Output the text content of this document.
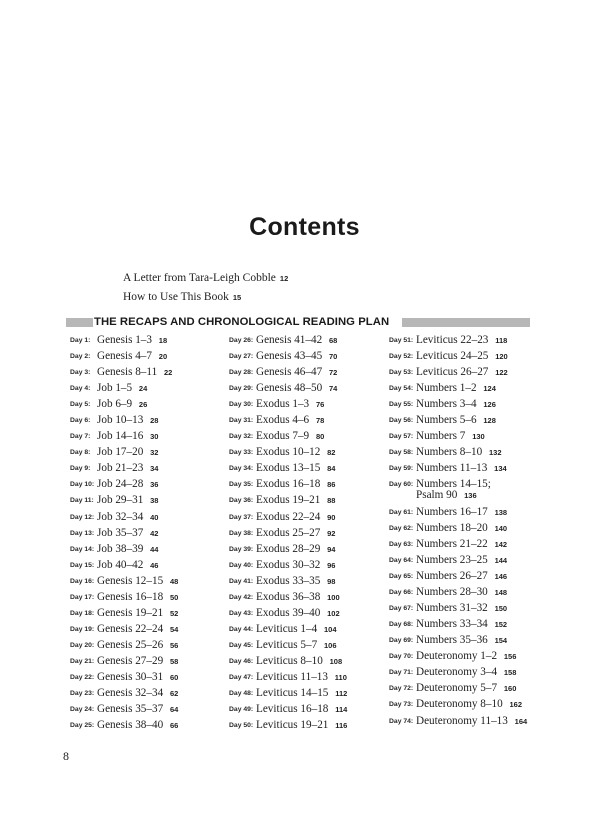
Contents
A Letter from Tara-Leigh Cobble 12
How to Use This Book 15
THE RECAPS AND CHRONOLOGICAL READING PLAN
Day 1: Genesis 1–3 18
Day 2: Genesis 4–7 20
Day 3: Genesis 8–11 22
Day 4: Job 1–5 24
Day 5: Job 6–9 26
Day 6: Job 10–13 28
Day 7: Job 14–16 30
Day 8: Job 17–20 32
Day 9: Job 21–23 34
Day 10: Job 24–28 36
Day 11: Job 29–31 38
Day 12: Job 32–34 40
Day 13: Job 35–37 42
Day 14: Job 38–39 44
Day 15: Job 40–42 46
Day 16: Genesis 12–15 48
Day 17: Genesis 16–18 50
Day 18: Genesis 19–21 52
Day 19: Genesis 22–24 54
Day 20: Genesis 25–26 56
Day 21: Genesis 27–29 58
Day 22: Genesis 30–31 60
Day 23: Genesis 32–34 62
Day 24: Genesis 35–37 64
Day 25: Genesis 38–40 66
Day 26: Genesis 41–42 68
Day 27: Genesis 43–45 70
Day 28: Genesis 46–47 72
Day 29: Genesis 48–50 74
Day 30: Exodus 1–3 76
Day 31: Exodus 4–6 78
Day 32: Exodus 7–9 80
Day 33: Exodus 10–12 82
Day 34: Exodus 13–15 84
Day 35: Exodus 16–18 86
Day 36: Exodus 19–21 88
Day 37: Exodus 22–24 90
Day 38: Exodus 25–27 92
Day 39: Exodus 28–29 94
Day 40: Exodus 30–32 96
Day 41: Exodus 33–35 98
Day 42: Exodus 36–38 100
Day 43: Exodus 39–40 102
Day 44: Leviticus 1–4 104
Day 45: Leviticus 5–7 106
Day 46: Leviticus 8–10 108
Day 47: Leviticus 11–13 110
Day 48: Leviticus 14–15 112
Day 49: Leviticus 16–18 114
Day 50: Leviticus 19–21 116
Day 51: Leviticus 22–23 118
Day 52: Leviticus 24–25 120
Day 53: Leviticus 26–27 122
Day 54: Numbers 1–2 124
Day 55: Numbers 3–4 126
Day 56: Numbers 5–6 128
Day 57: Numbers 7 130
Day 58: Numbers 8–10 132
Day 59: Numbers 11–13 134
Day 60: Numbers 14–15; Psalm 90 136
Day 61: Numbers 16–17 138
Day 62: Numbers 18–20 140
Day 63: Numbers 21–22 142
Day 64: Numbers 23–25 144
Day 65: Numbers 26–27 146
Day 66: Numbers 28–30 148
Day 67: Numbers 31–32 150
Day 68: Numbers 33–34 152
Day 69: Numbers 35–36 154
Day 70: Deuteronomy 1–2 156
Day 71: Deuteronomy 3–4 158
Day 72: Deuteronomy 5–7 160
Day 73: Deuteronomy 8–10 162
Day 74: Deuteronomy 11–13 164
8
